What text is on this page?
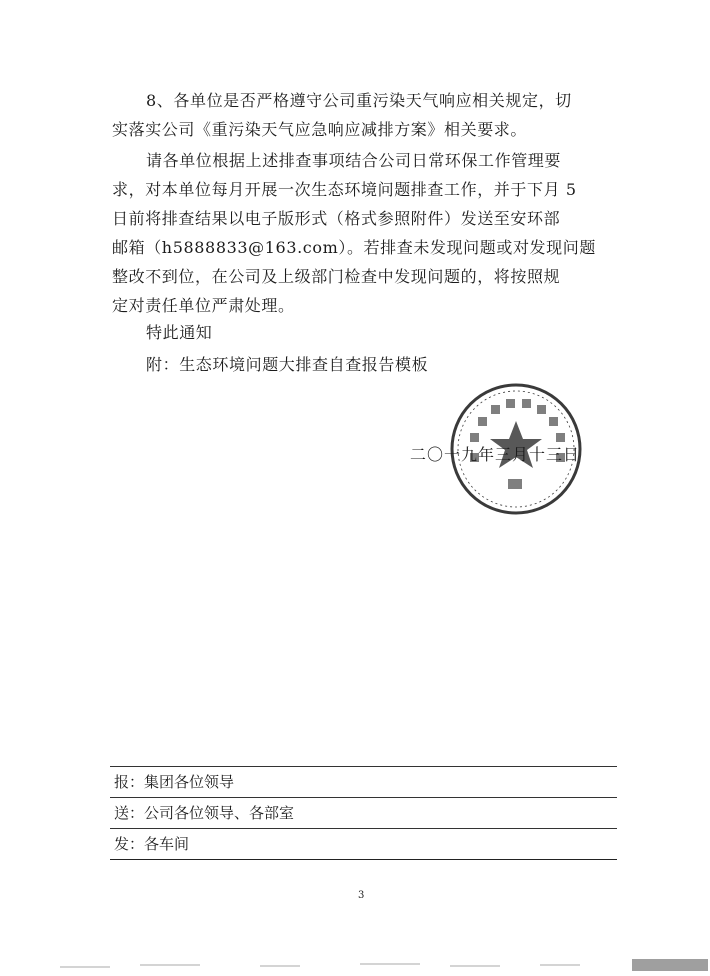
8、各单位是否严格遵守公司重污染天气响应相关规定，切
实落实公司《重污染天气应急响应减排方案》相关要求。
请各单位根据上述排查事项结合公司日常环保工作管理要
求，对本单位每月开展一次生态环境问题排查工作，并于下月 5
日前将排查结果以电子版形式（格式参照附件）发送至安环部
邮箱（h5888833@163.com）。若排查未发现问题或对发现问题
整改不到位，在公司及上级部门检查中发现问题的，将按照规
定对责任单位严肃处理。
特此通知
附：生态环境问题大排查自查报告模板
二〇一九年三月十三日
报：集团各位领导
送：公司各位领导、各部室
发：各车间
3
